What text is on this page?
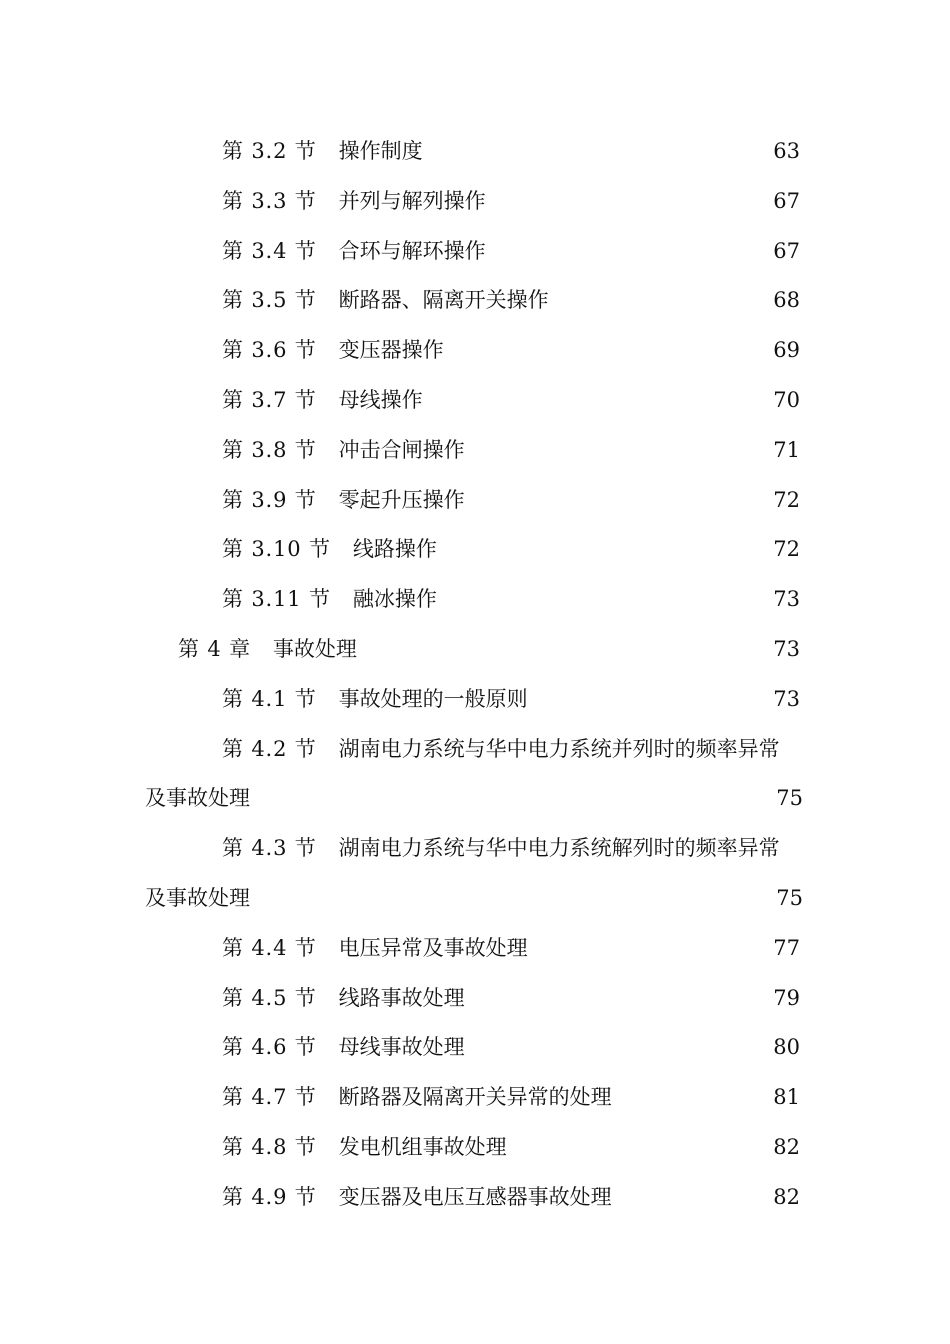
第 3.2 节 操作制度	63
第 3.3 节 并列与解列操作	67
第 3.4 节 合环与解环操作	67
第 3.5 节 断路器、隔离开关操作	68
第 3.6 节 变压器操作	69
第 3.7 节 母线操作	70
第 3.8 节 冲击合闸操作	71
第 3.9 节 零起升压操作	72
第 3.10 节 线路操作	72
第 3.11 节 融冰操作	73
第 4 章 事故处理	73
第 4.1 节 事故处理的一般原则	73
第 4.2 节 湖南电力系统与华中电力系统并列时的频率异常
及事故处理	75
第 4.3 节 湖南电力系统与华中电力系统解列时的频率异常
及事故处理	75
第 4.4 节 电压异常及事故处理	77
第 4.5 节 线路事故处理	79
第 4.6 节 母线事故处理	80
第 4.7 节 断路器及隔离开关异常的处理	81
第 4.8 节 发电机组事故处理	82
第 4.9 节 变压器及电压互感器事故处理	82
